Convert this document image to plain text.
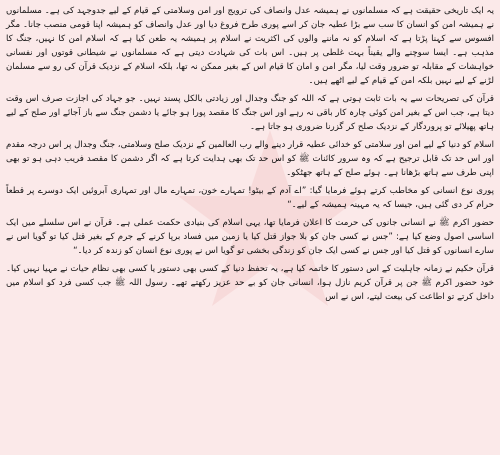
یہ ایک تاریخی حقیقت ہے کہ مسلمانوں نے ہمیشہ عدل وانصاف کی ترویج اور امن وسلامتی کے قیام کے لیے جدوجہد کی ہے۔ مسلمانوں نے ہمیشہ امن کو انسان کا سب سے بڑا عطیہ جان کر اسے پوری طرح فروغ دیا اور عدل وانصاف کو ہمیشہ اپنا قومی منصب جانا۔ مگر افسوس سے کہنا پڑتا ہے کہ اسلام کو نہ ماننے والوں کی اکثریت نے اسلام پر ہمیشہ یہ طعن کیا ہے کہ اسلام امن کا نہیں، جنگ کا مذہب ہے۔ ایسا سوچنے والے یقیناً بہت غلطی پر ہیں۔ اس بات کی شہادت دیتی ہے کہ مسلمانوں نے شیطانی قوتوں اور نفسانی خواہشات کے مقابلہ تو ضرور وقت لیا، مگر امن و امان کا قیام اس کے بغیر ممکن نہ تھا، بلکہ اسلام کے نزدیک قرآن کی رو سے مسلمان لڑنے کے لیے نہیں بلکہ امن کے قیام کے لیے اٹھے ہیں۔

قرآن کی تصریحات سے یہ بات ثابت ہوتی ہے کہ اللہ کو جنگ وجدال اور زیادتی بالکل پسند نہیں۔ جو جہاد کی اجازت صرف اس وقت دیتا ہے، جب اس کے بغیر امن کوئی چارہ کار باقی نہ رہے اور اس جنگ کا مقصد پورا ہو جائے یا دشمن جنگ سے باز آجائے اور صلح کے لیے ہاتھ پھیلائے تو پروردگار کے نزدیک صلح کر گزرنا ضروری ہو جاتا ہے۔

اسلام کو دنیا کے لیے امن اور سلامتی کو خدائی عطیہ قرار دینے والے رب العالمین کے نزدیک صلح وسلامتی، جنگ وجدال پر اس درجہ مقدم اور اس حد تک قابل ترجیح ہے کہ وہ سرور کائنات ﷺ کو اس حد تک بھی ہدایت کرتا ہے کہ اگر دشمن کا مقصد فریب دہی ہو تو بھی اپنی طرف سے ہاتھ بڑھانا ہے۔ ہوئے صلح کے ہاتھ جھٹکو۔

پوری نوع انسانی کو مخاطب کرتے ہوئے فرمایا گیا: ”اے آدم کے بیٹو! تمہارے خون، تمہارے مال اور تمہاری آبروئیں ایک دوسرے پر قطعاً حرام کر دی گئی ہیں، جیسا کہ یہ مہینہ ہمیشہ کے لیے۔“

حضور اکرم ﷺ نے انسانی جانوں کی حرمت کا اعلان فرمایا تھا، یہی اسلام کی بنیادی حکمت عملی ہے۔ قرآن نے اس سلسلے میں ایک اساسی اصول وضع کیا ہے: ”جس نے کسی جان کو بلا جواز قتل کیا یا زمین میں فساد برپا کرنے کے جرم کے بغیر قتل کیا تو گویا اس نے سارے انسانوں کو قتل کیا اور جس نے کسی ایک جان کو زندگی بخشی تو گویا اس نے پوری نوع انسان کو زندہ کر دیا۔“

قرآن حکیم نے زمانہ جاہلیت کے اس دستور کا خاتمہ کیا ہے، یہ تحفظ دنیا کے کسی بھی دستور یا کسی بھی نظام حیات نے مہیا نہیں کیا۔ خود حضور اکرم ﷺ جن پر قرآن کریم نازل ہوا، انسانی جان کو بے حد عزیز رکھتے تھے۔ رسول اللہ ﷺ جب کسی فرد کو اسلام میں داخل کرتے تو اطاعت کی بیعت لیتے، اس نے اس
